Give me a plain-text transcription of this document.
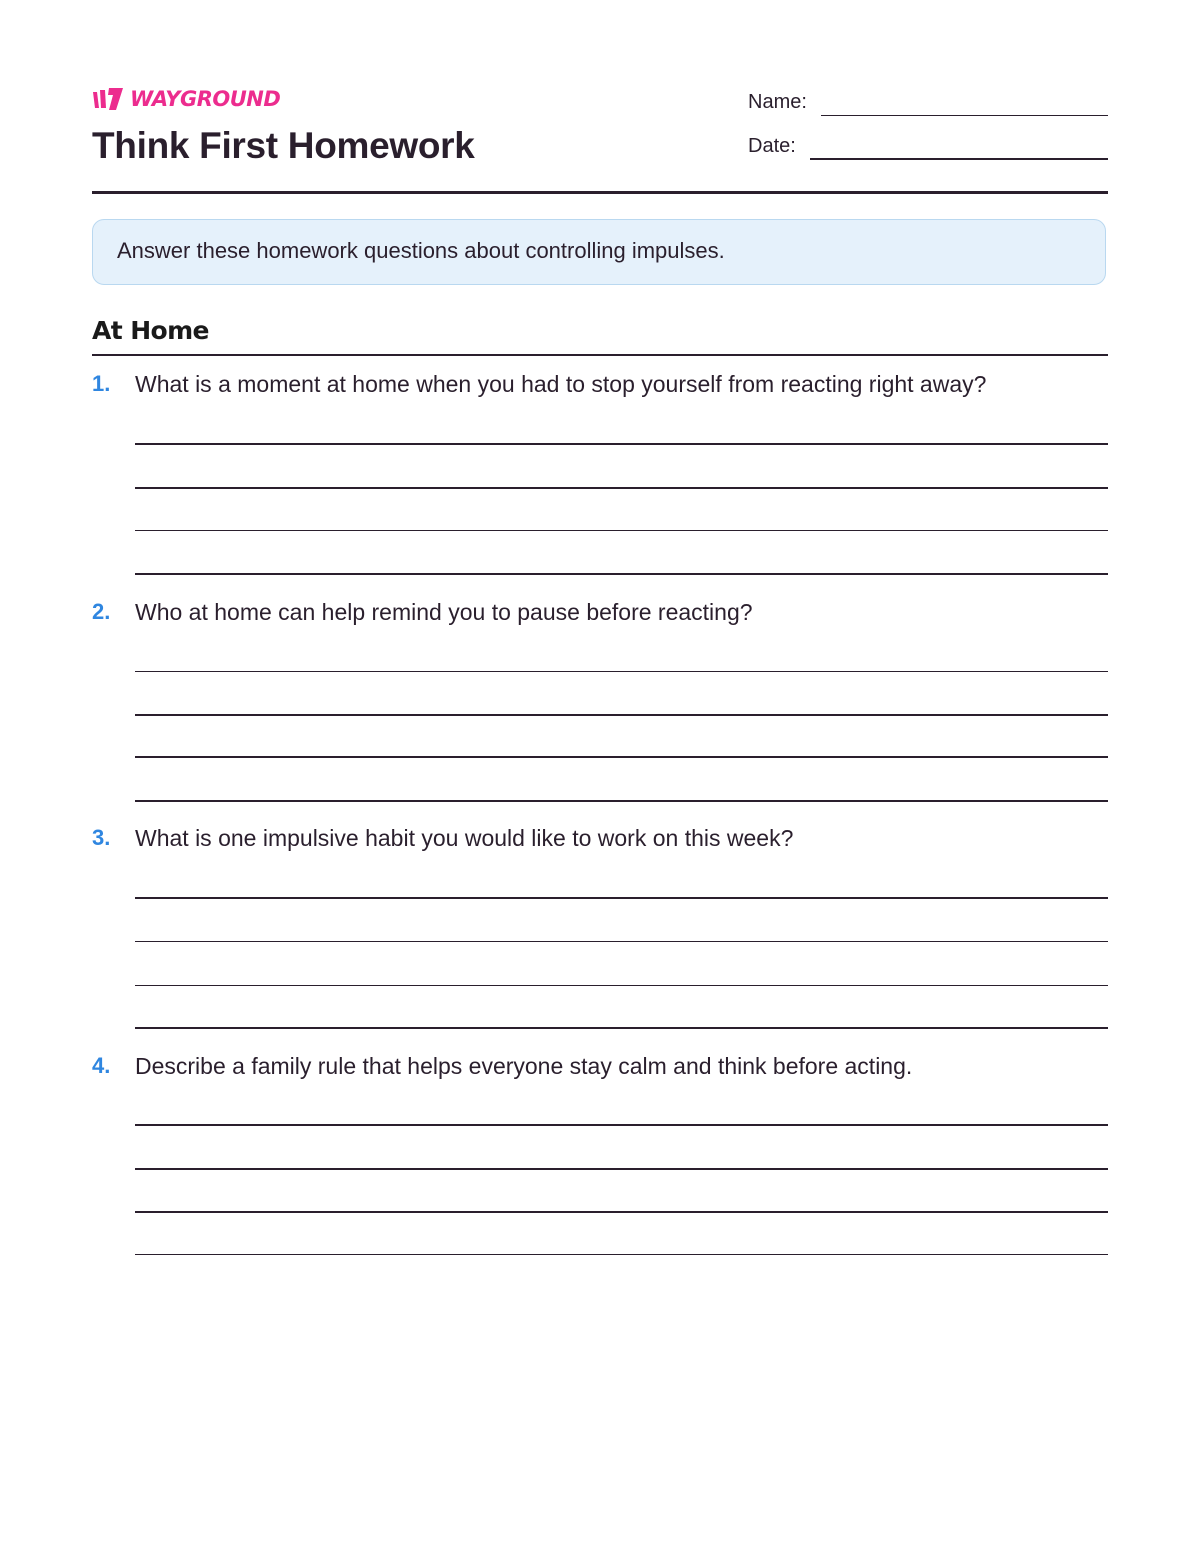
WAYGROUND
Think First Homework
Name:
Date:
Answer these homework questions about controlling impulses.
At Home
1. What is a moment at home when you had to stop yourself from reacting right away?
2. Who at home can help remind you to pause before reacting?
3. What is one impulsive habit you would like to work on this week?
4. Describe a family rule that helps everyone stay calm and think before acting.
